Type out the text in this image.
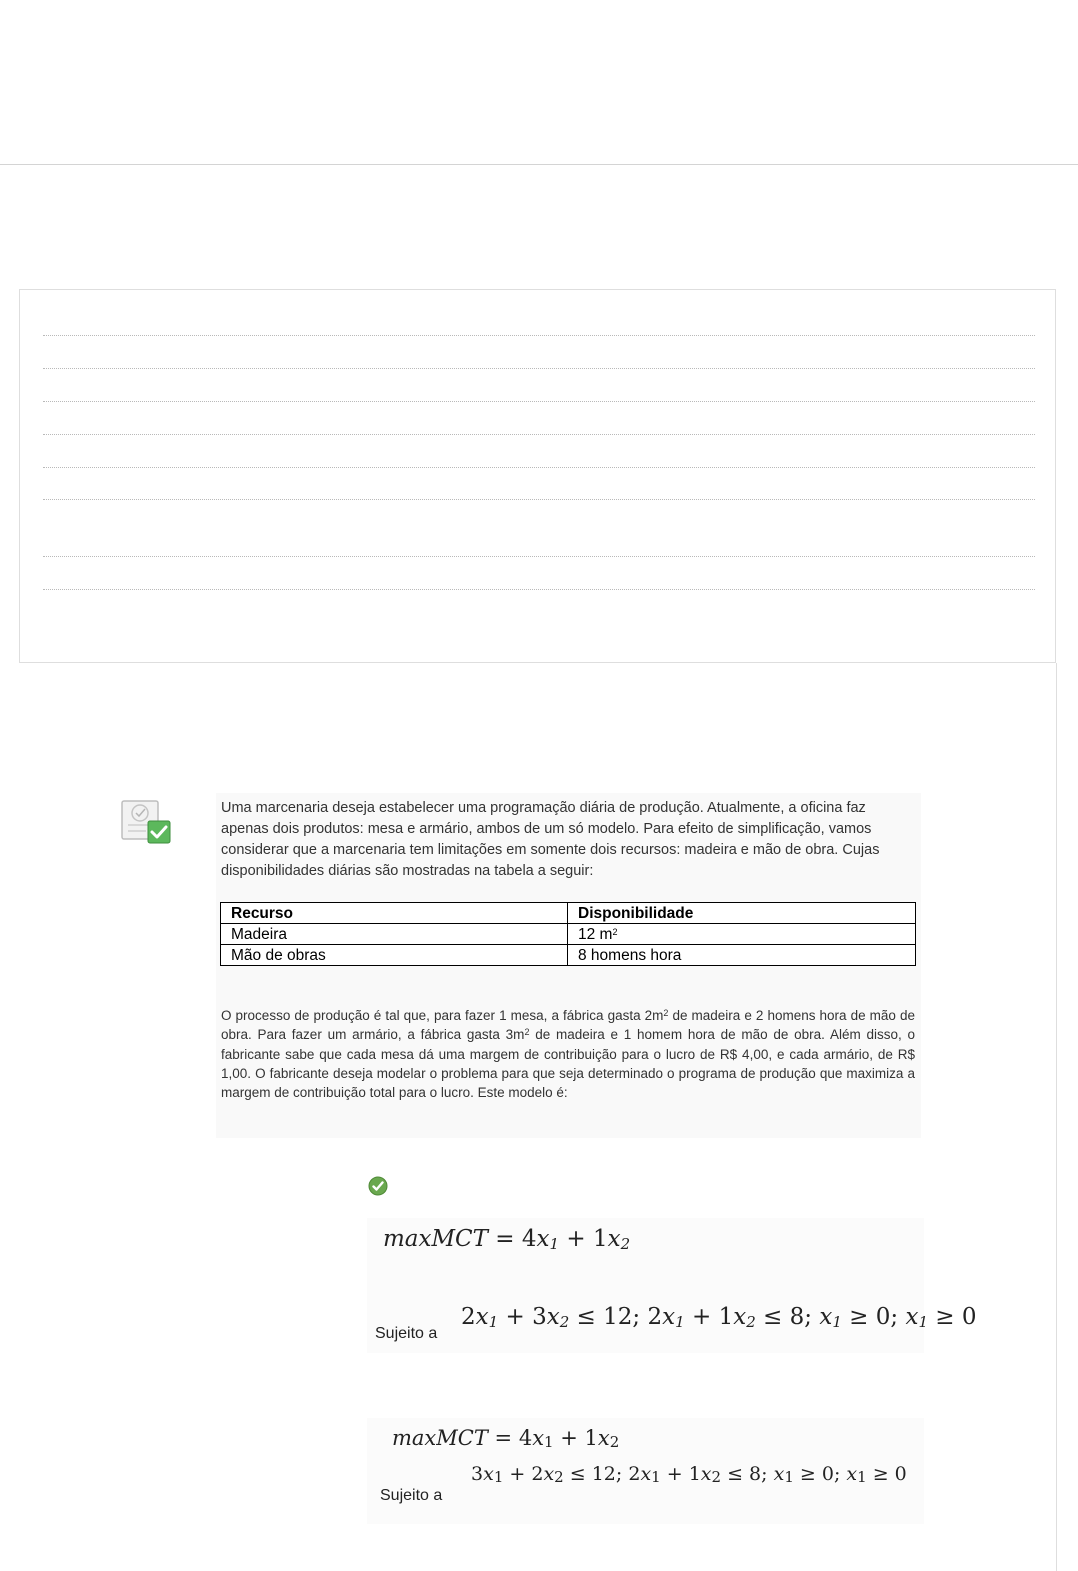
Uma marcenaria deseja estabelecer uma programação diária de produção. Atualmente, a oficina faz apenas dois produtos: mesa e armário, ambos de um só modelo. Para efeito de simplificação, vamos considerar que a marcenaria tem limitações em somente dois recursos: madeira e mão de obra. Cujas disponibilidades diárias são mostradas na tabela a seguir:

Recurso	Disponibilidade
Madeira	12 $m^2$
Mão de obras	8 homens hora

O processo de produção é tal que, para fazer 1 mesa, a fábrica gasta $2m^2$ de madeira e 2 homens hora de mão de obra. Para fazer um armário, a fábrica gasta $3m^2$ de madeira e 1 homem hora de mão de obra. Além disso, o fabricante sabe que cada mesa dá uma margem de contribuição para o lucro de R$ 4,00, e cada armário, de R$ 1,00. O fabricante deseja modelar o problema para que seja determinado o programa de produção que maximiza a margem de contribuição total para o lucro. Este modelo é:

maxMCT = $4x_1 + 1x_2$
Sujeito a
$2x_1 + 3x_2 \le 12$; $2x_1 + 1x_2 \le 8$; $x_1 \ge 0$; $x_1 \ge 0$
maxMCT = $4x_1 + 1x_2$
Sujeito a
$3x_1 + 2x_2 \le 12$; $2x_1 + 1x_2 \le 8$; $x_1 \ge 0$; $x_1 \ge 0$
